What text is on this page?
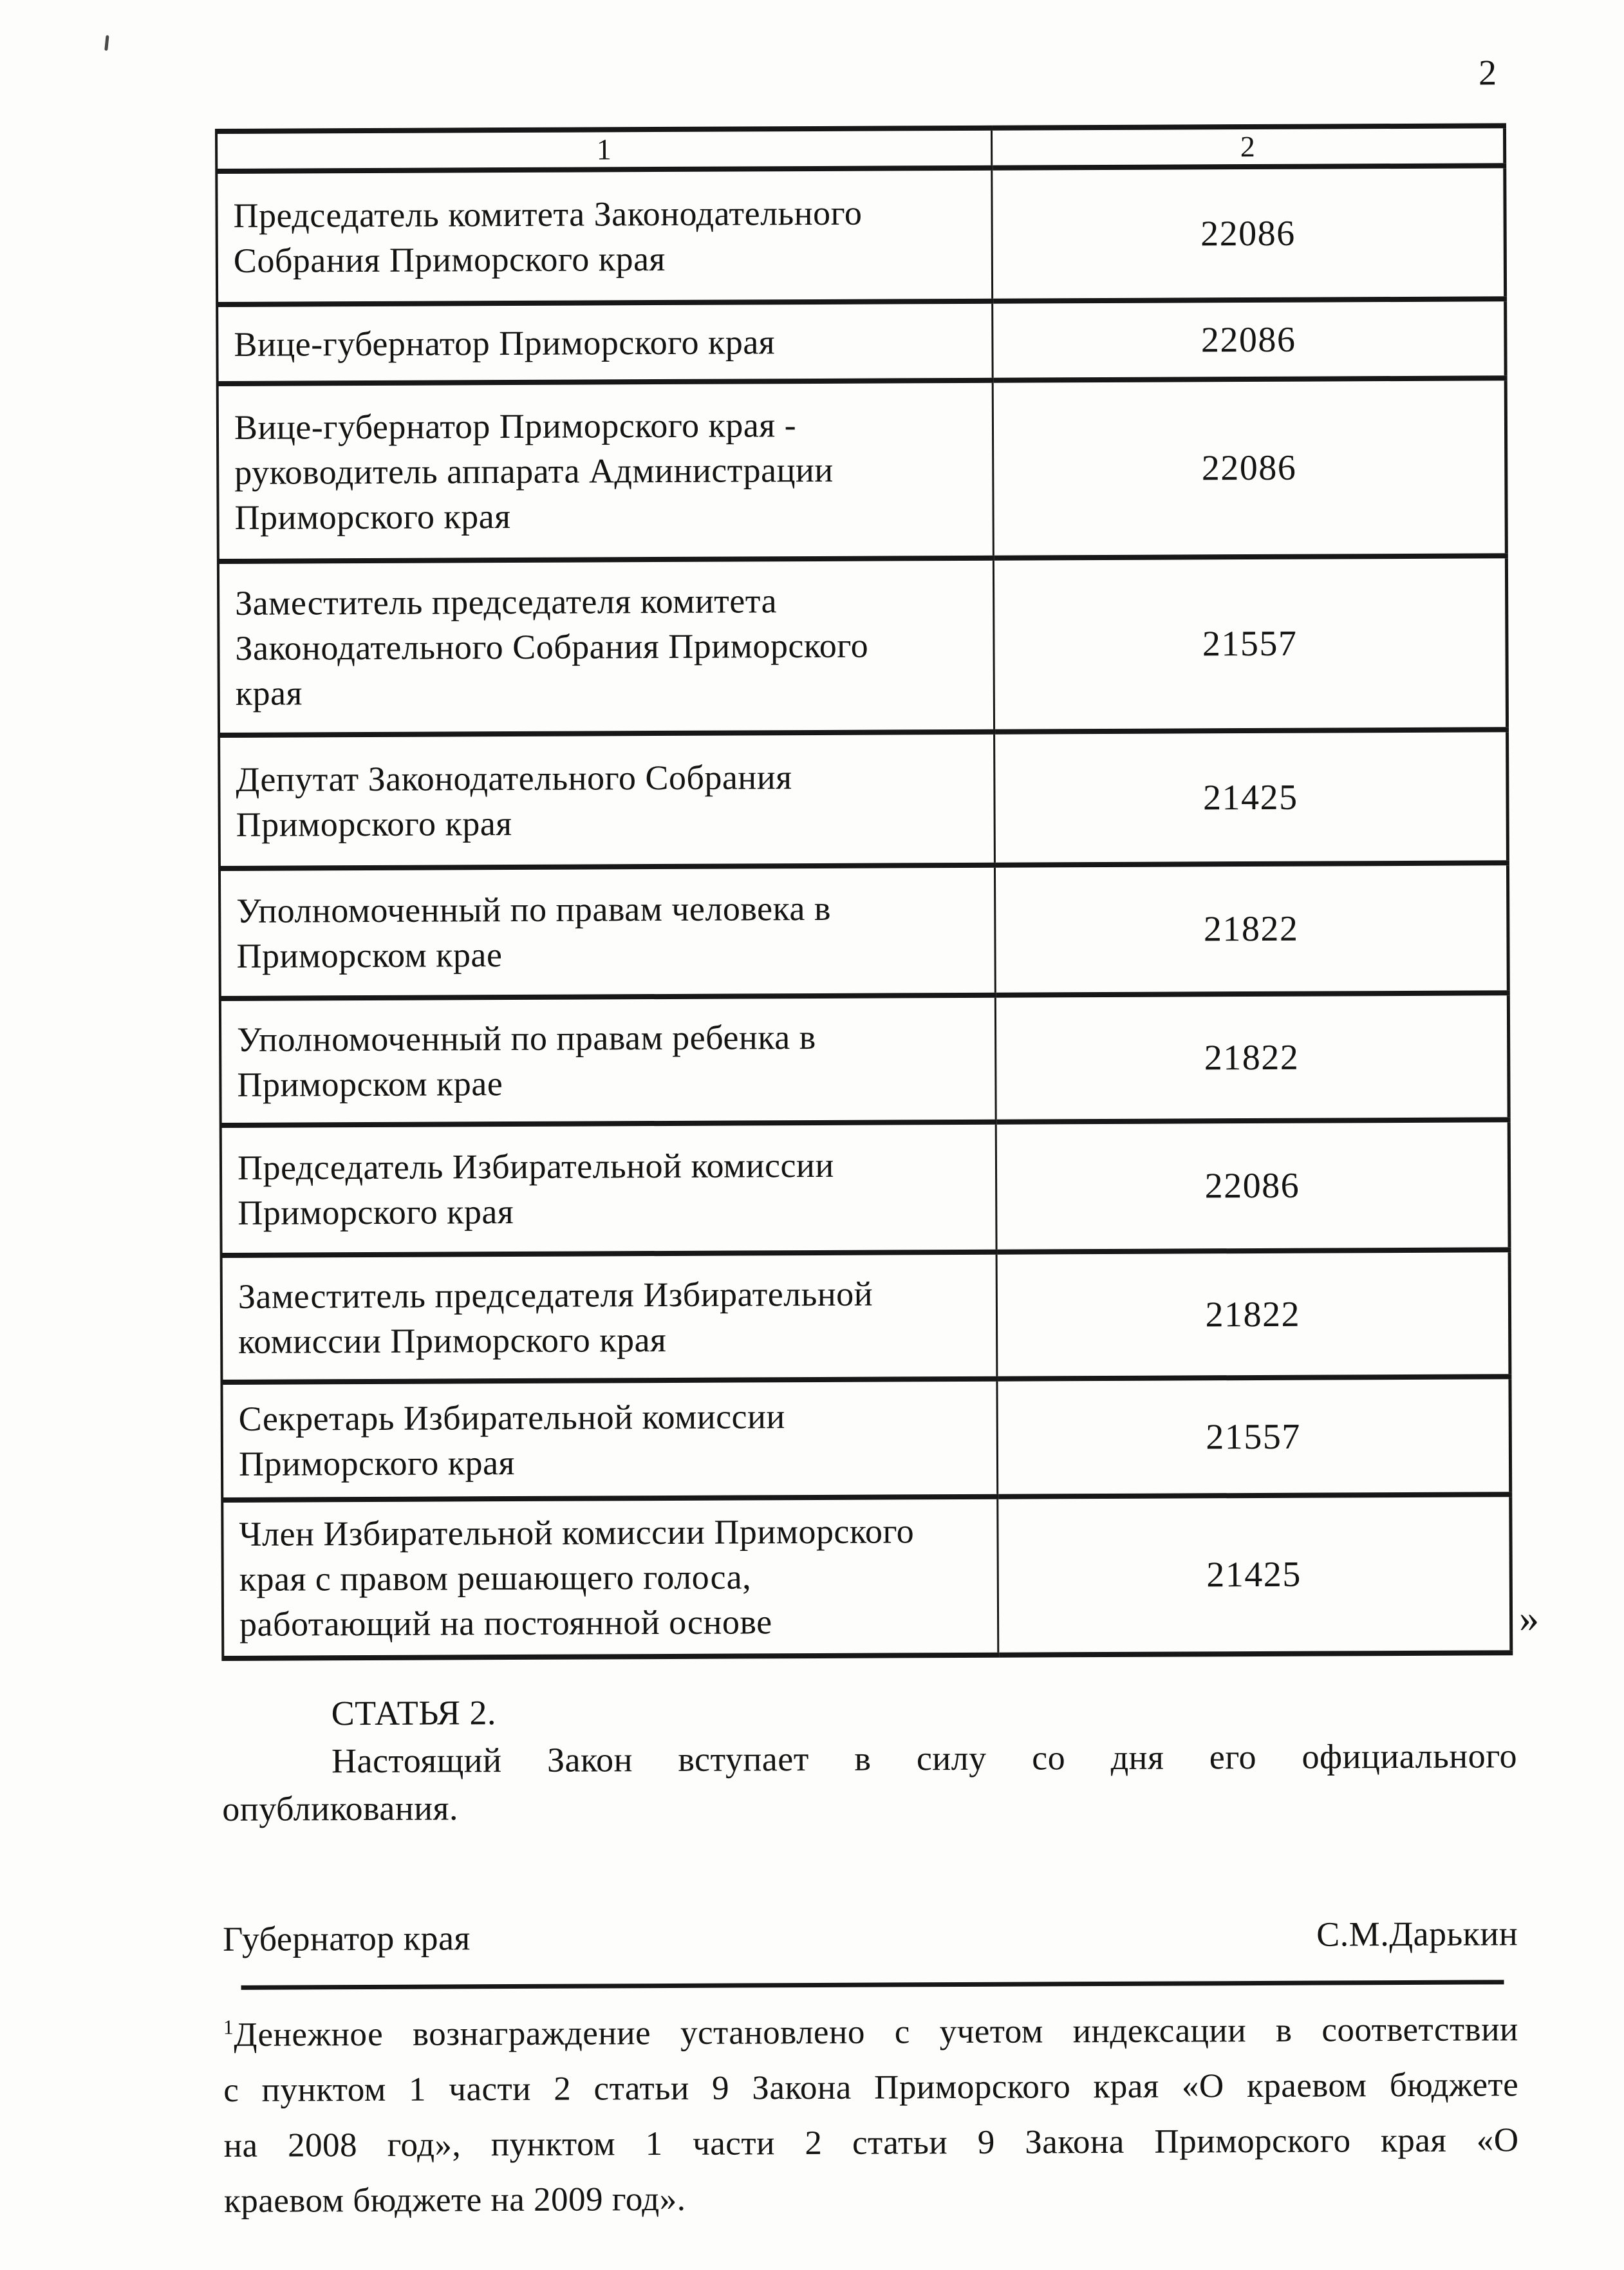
2
1	2
Председатель комитета Законодательного Собрания Приморского края	22086
Вице-губернатор Приморского края	22086
Вице-губернатор Приморского края - руководитель аппарата Администрации Приморского края	22086
Заместитель председателя комитета Законодательного Собрания Приморского края	21557
Депутат Законодательного Собрания Приморского края	21425
Уполномоченный по правам человека в Приморском крае	21822
Уполномоченный по правам ребенка в Приморском крае	21822
Председатель Избирательной комиссии Приморского края	22086
Заместитель председателя Избирательной комиссии Приморского края	21822
Секретарь Избирательной комиссии Приморского края	21557
Член Избирательной комиссии Приморского края с правом решающего голоса, работающий на постоянной основе	21425
»
СТАТЬЯ 2.
Настоящий Закон вступает в силу со дня его официального
опубликования.
Губернатор края	С.М.Дарькин
$^1$Денежное вознаграждение установлено с учетом индексации в соответствии
с пунктом 1 части 2 статьи 9 Закона Приморского края «О краевом бюджете
на 2008 год», пунктом 1 части 2 статьи 9 Закона Приморского края «О
краевом бюджете на 2009 год».
